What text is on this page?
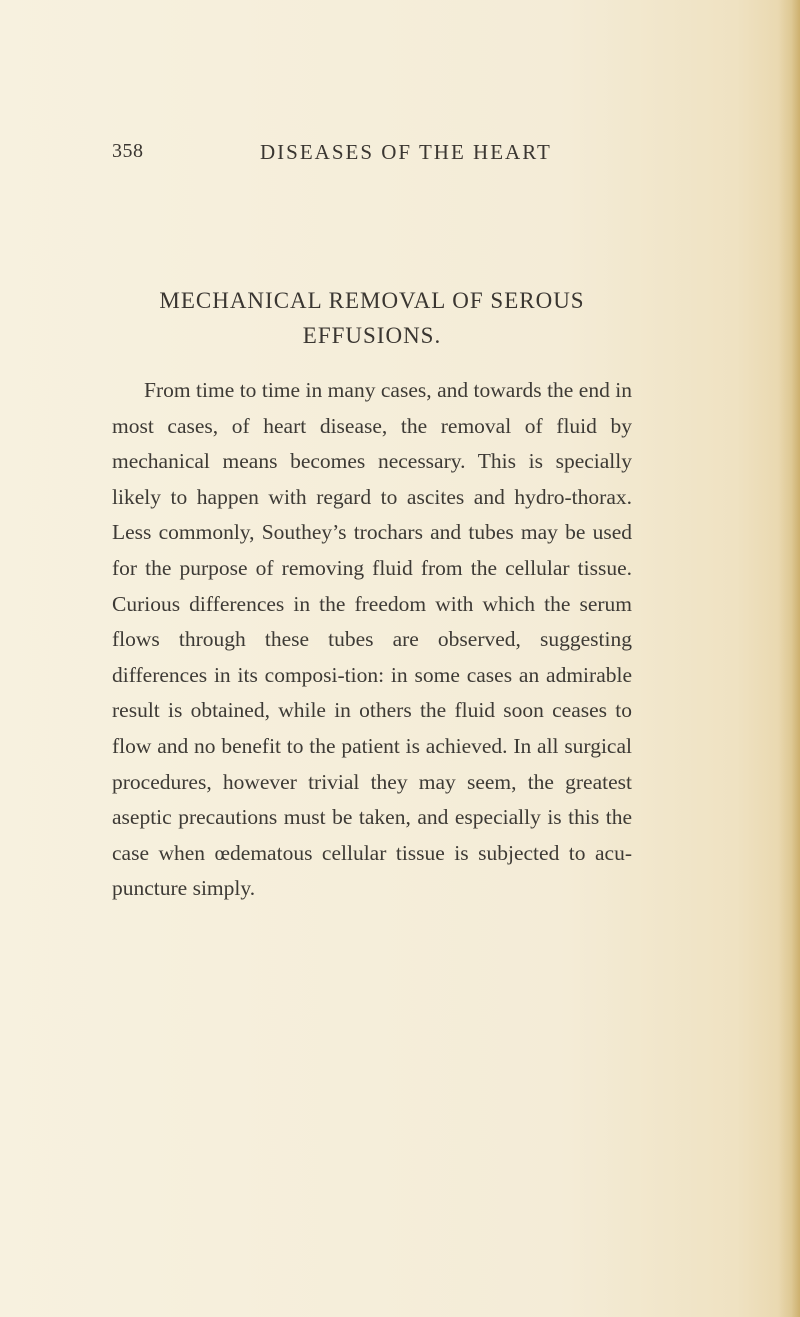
358	DISEASES OF THE HEART
MECHANICAL REMOVAL OF SEROUS
EFFUSIONS.

From time to time in many cases, and towards the end in most cases, of heart disease, the removal of fluid by mechanical means becomes necessary. This is specially likely to happen with regard to ascites and hydro-thorax. Less commonly, Southey’s trochars and tubes may be used for the purpose of removing fluid from the cellular tissue. Curious differences in the freedom with which the serum flows through these tubes are observed, suggesting differences in its composi-tion: in some cases an admirable result is obtained, while in others the fluid soon ceases to flow and no benefit to the patient is achieved. In all surgical procedures, however trivial they may seem, the greatest aseptic precautions must be taken, and especially is this the case when œdematous cellular tissue is subjected to acu-puncture simply.
